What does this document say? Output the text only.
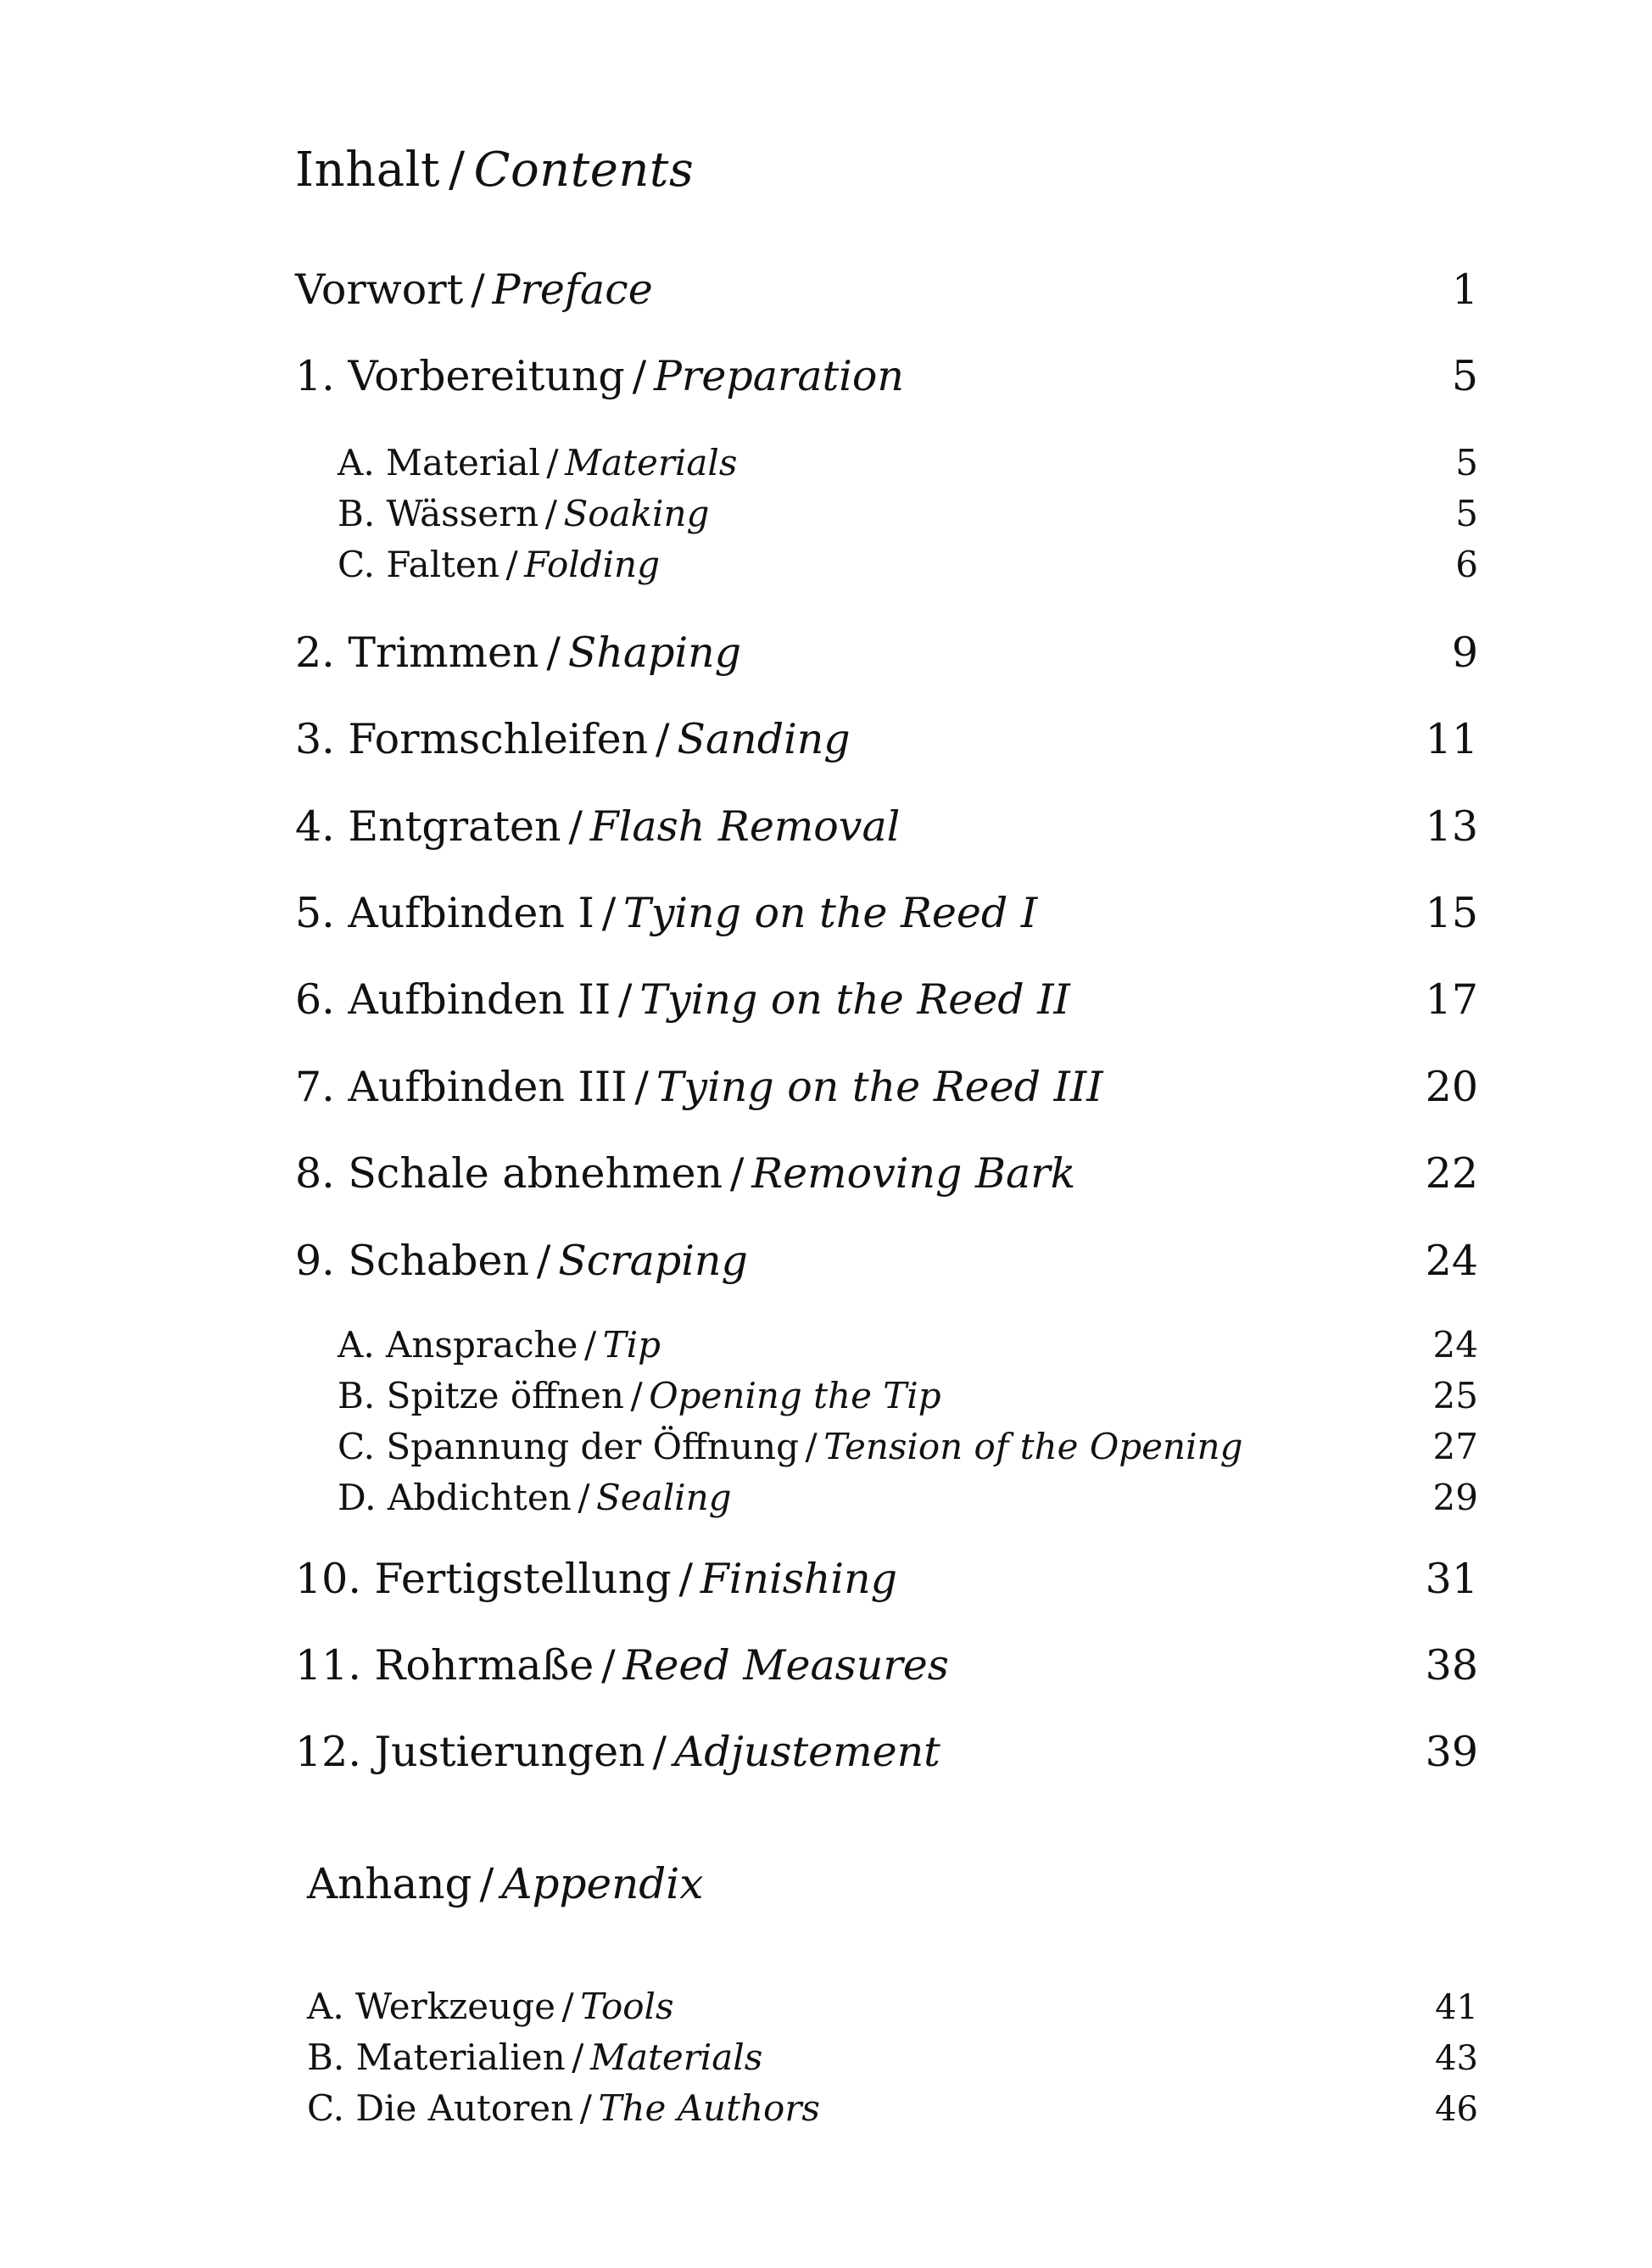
Inhalt / Contents
Vorwort / Preface	1
1. Vorbereitung / Preparation	5
A. Material / Materials	5
B. Wässern / Soaking	5
C. Falten / Folding	6
2. Trimmen / Shaping	9
3. Formschleifen / Sanding	11
4. Entgraten / Flash Removal	13
5. Aufbinden I / Tying on the Reed I	15
6. Aufbinden II / Tying on the Reed II	17
7. Aufbinden III / Tying on the Reed III	20
8. Schale abnehmen / Removing Bark	22
9. Schaben / Scraping	24
A. Ansprache / Tip	24
B. Spitze öffnen / Opening the Tip	25
C. Spannung der Öffnung / Tension of the Opening	27
D. Abdichten / Sealing	29
10. Fertigstellung / Finishing	31
11. Rohrmaße / Reed Measures	38
12. Justierungen / Adjustement	39
Anhang / Appendix
A. Werkzeuge / Tools	41
B. Materialien / Materials	43
C. Die Autoren / The Authors	46
